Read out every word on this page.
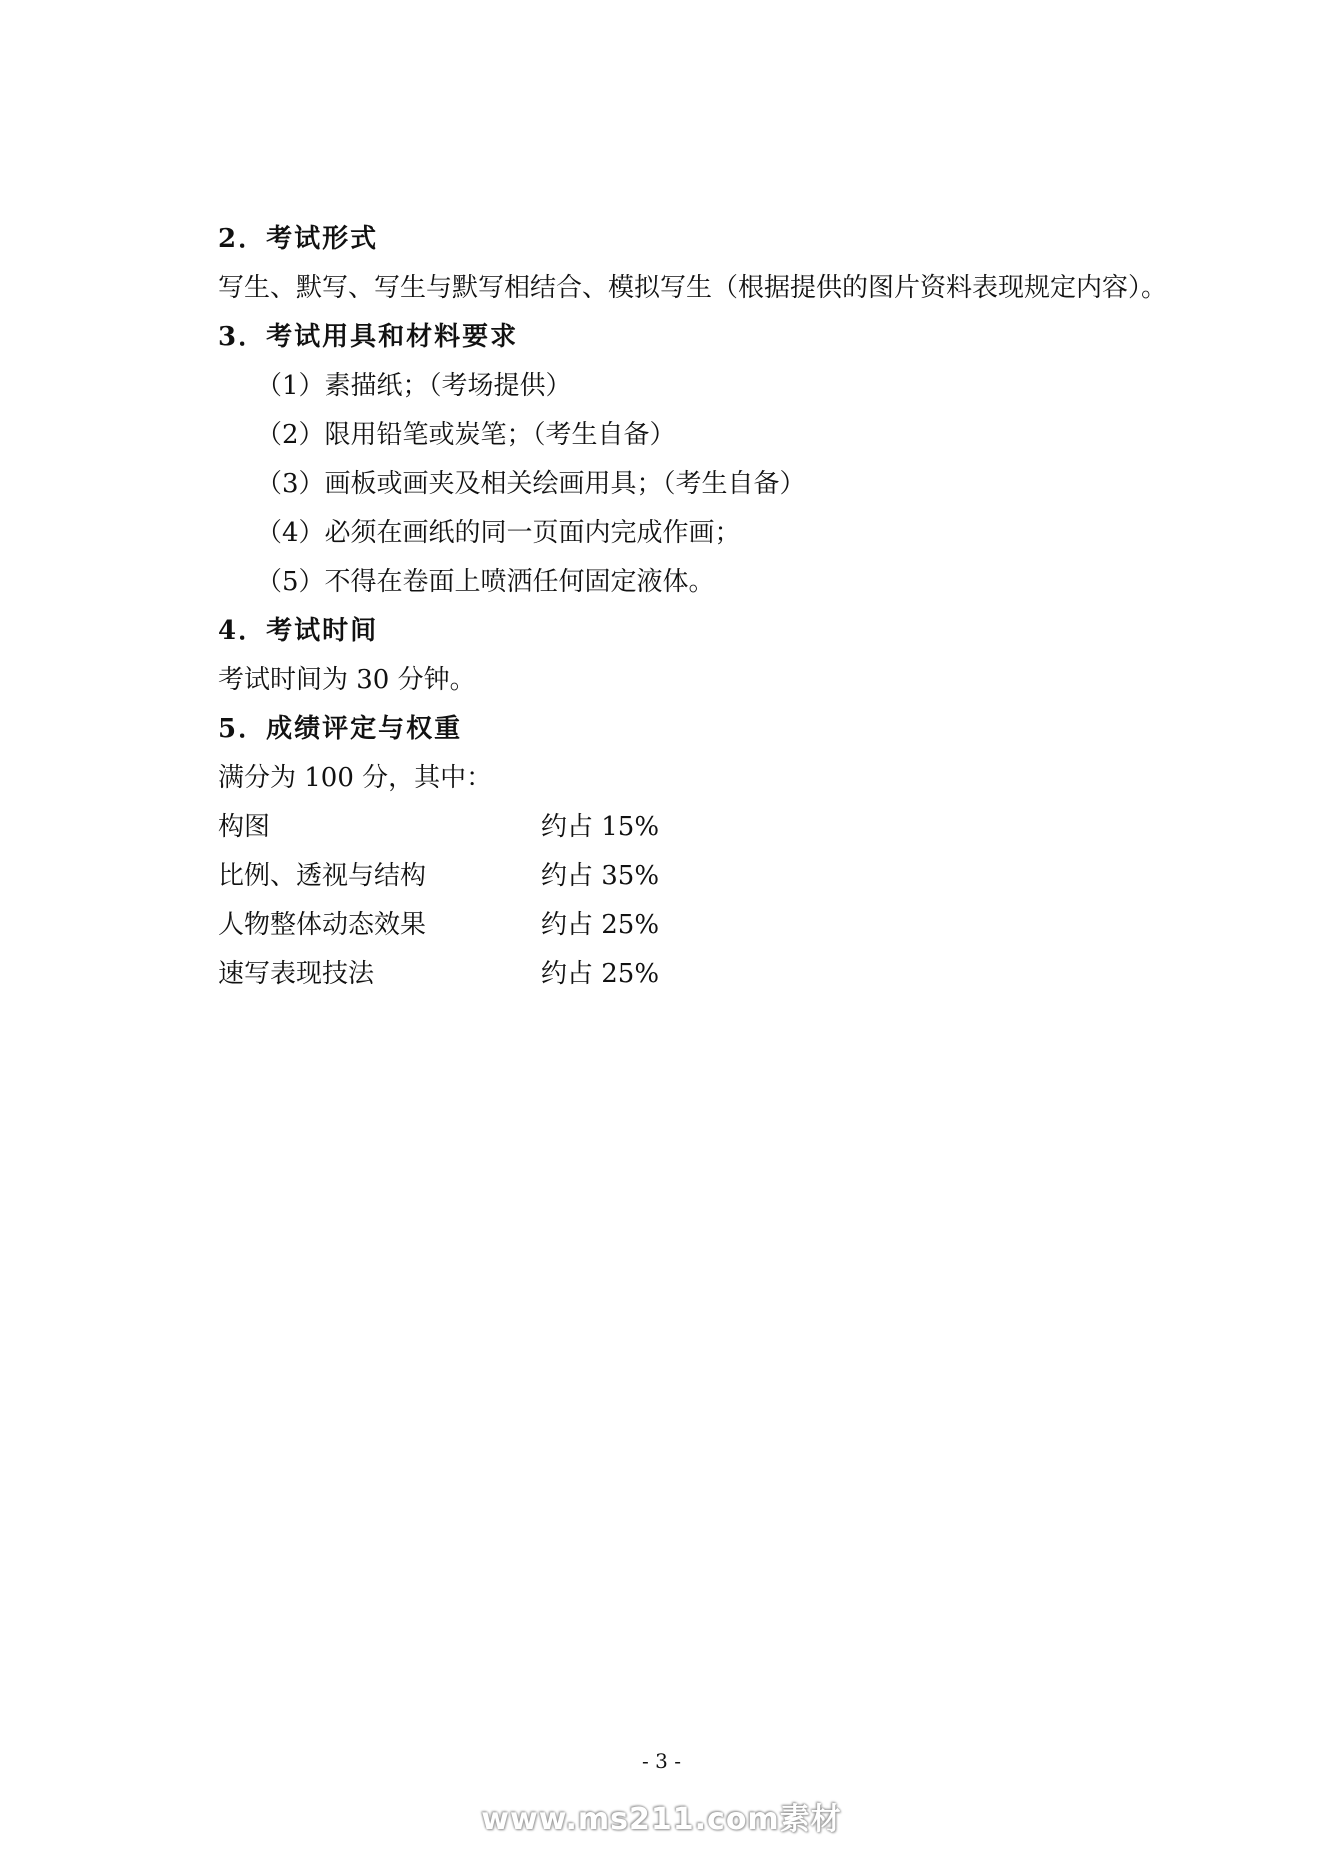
2．考试形式
写生、默写、写生与默写相结合、模拟写生（根据提供的图片资料表现规定内容）。
3．考试用具和材料要求
（1）素描纸；（考场提供）
（2）限用铅笔或炭笔；（考生自备）
（3）画板或画夹及相关绘画用具；（考生自备）
（4）必须在画纸的同一页面内完成作画；
（5）不得在卷面上喷洒任何固定液体。
4．考试时间
考试时间为 30 分钟。
5．成绩评定与权重
满分为 100 分，其中：
构图	约占 15%
比例、透视与结构	约占 35%
人物整体动态效果	约占 25%
速写表现技法	约占 25%
- 3 -
www.ms211.com素材
